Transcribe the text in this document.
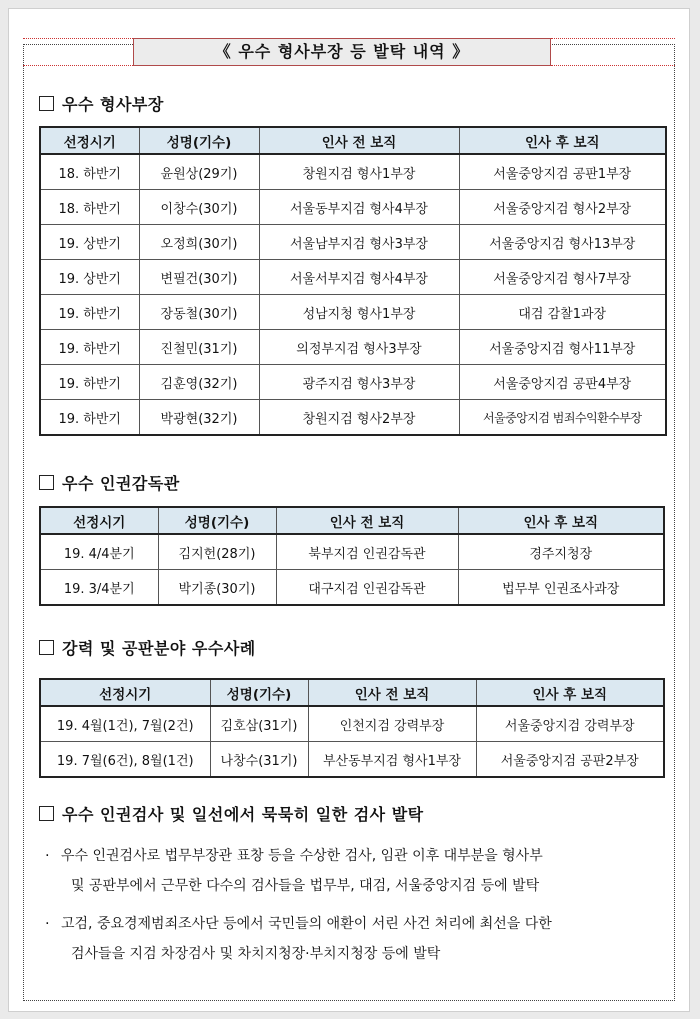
《 우수 형사부장 등 발탁 내역 》
우수 형사부장
선정시기	성명(기수)	인사 전 보직	인사 후 보직
18. 하반기	윤원상(29기)	창원지검 형사1부장	서울중앙지검 공판1부장
18. 하반기	이창수(30기)	서울동부지검 형사4부장	서울중앙지검 형사2부장
19. 상반기	오정희(30기)	서울남부지검 형사3부장	서울중앙지검 형사13부장
19. 상반기	변필건(30기)	서울서부지검 형사4부장	서울중앙지검 형사7부장
19. 하반기	장동철(30기)	성남지청 형사1부장	대검 감찰1과장
19. 하반기	진철민(31기)	의정부지검 형사3부장	서울중앙지검 형사11부장
19. 하반기	김훈영(32기)	광주지검 형사3부장	서울중앙지검 공판4부장
19. 하반기	박광현(32기)	창원지검 형사2부장	서울중앙지검 범죄수익환수부장
우수 인권감독관
선정시기	성명(기수)	인사 전 보직	인사 후 보직
19. 4/4분기	김지헌(28기)	북부지검 인권감독관	경주지청장
19. 3/4분기	박기종(30기)	대구지검 인권감독관	법무부 인권조사과장
강력 및 공판분야 우수사례
선정시기	성명(기수)	인사 전 보직	인사 후 보직
19. 4월(1건), 7월(2건)	김호삼(31기)	인천지검 강력부장	서울중앙지검 강력부장
19. 7월(6건), 8월(1건)	나창수(31기)	부산동부지검 형사1부장	서울중앙지검 공판2부장
우수 인권검사 및 일선에서 묵묵히 일한 검사 발탁
· 우수 인권검사로 법무부장관 표창 등을 수상한 검사, 임관 이후 대부분을 형사부
및 공판부에서 근무한 다수의 검사들을 법무부, 대검, 서울중앙지검 등에 발탁
· 고검, 중요경제범죄조사단 등에서 국민들의 애환이 서린 사건 처리에 최선을 다한
검사들을 지검 차장검사 및 차치지청장·부치지청장 등에 발탁
